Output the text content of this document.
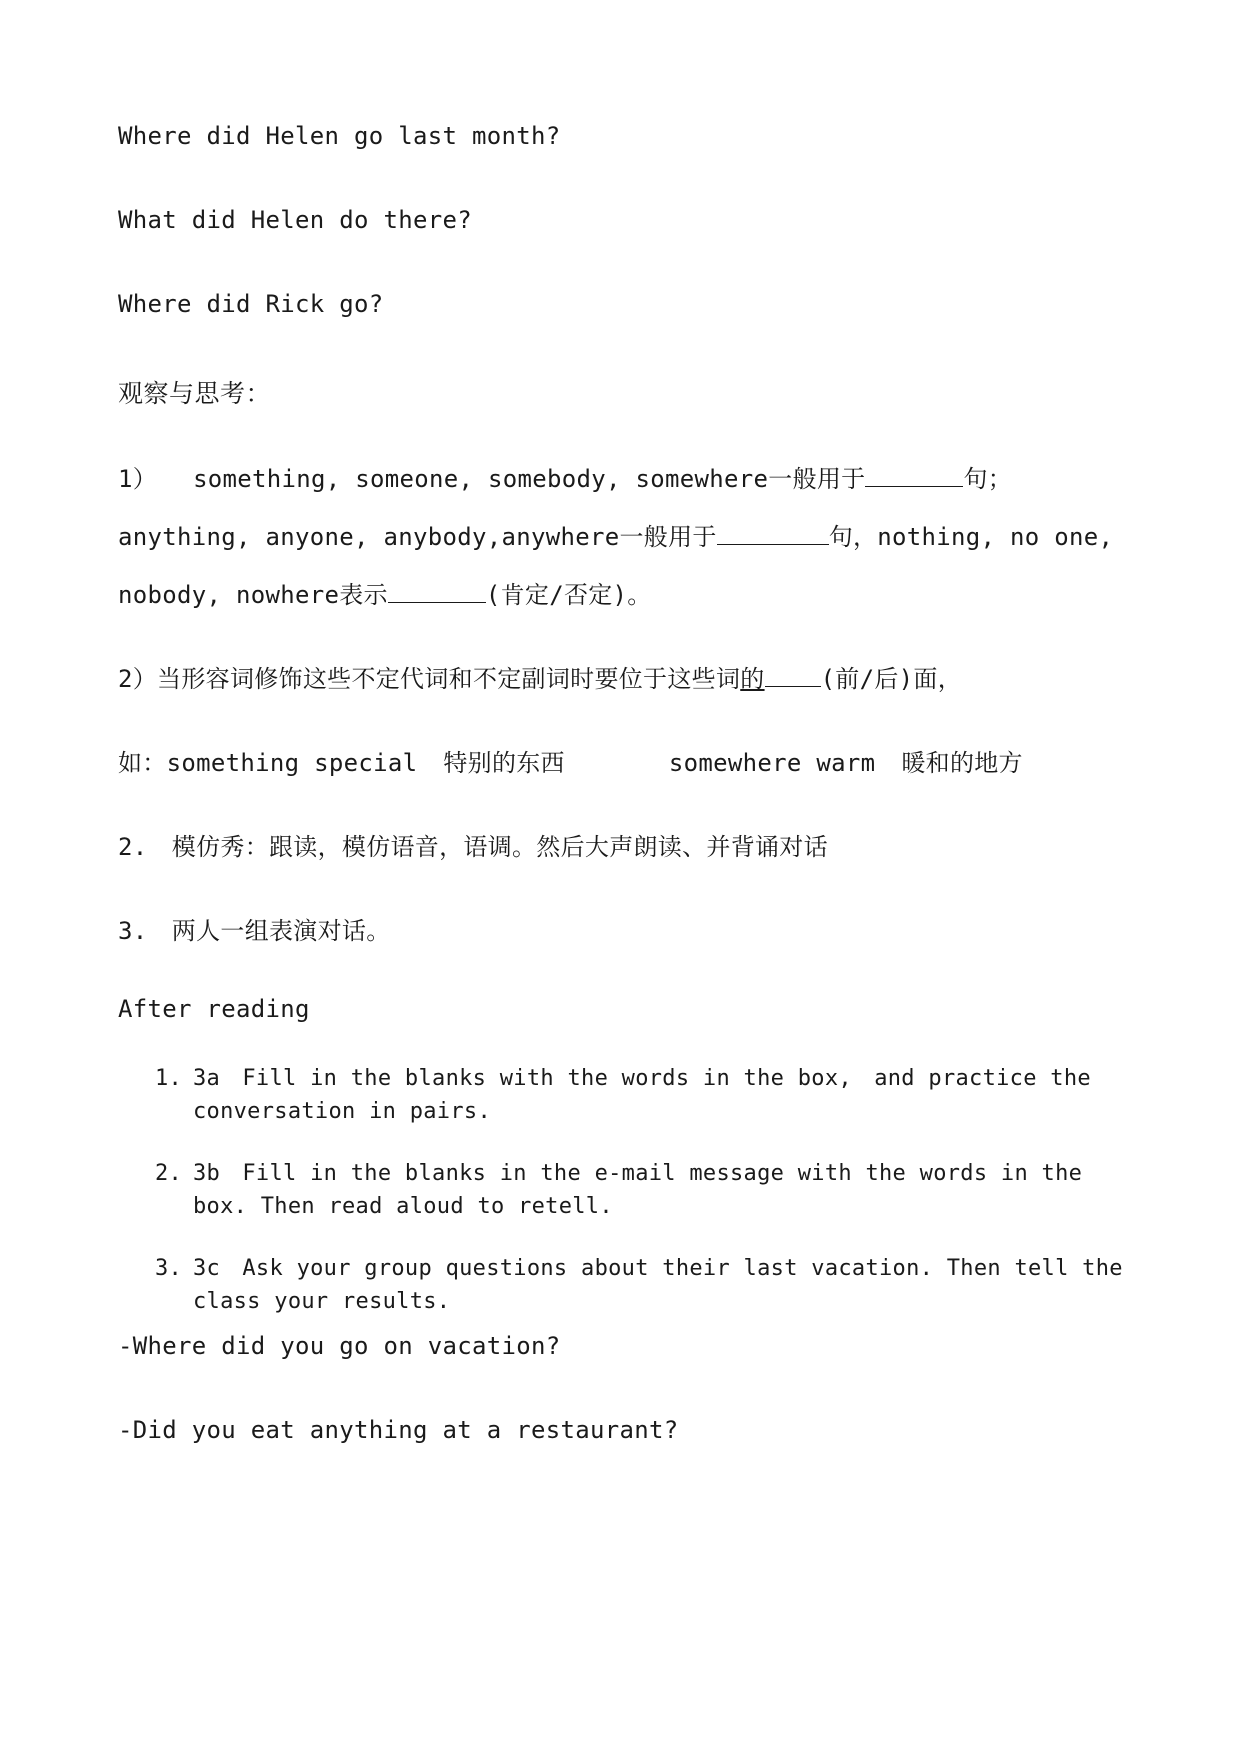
Where did Helen go last month?
What did Helen do there?
Where did Rick go?
观察与思考：
1） something, someone, somebody, somewhere一般用于	句；
anything, anyone, anybody,anywhere一般用于	句，nothing, no one,
nobody, nowhere表示	(肯定/否定)。
2）当形容词修饰这些不定代词和不定副词时要位于这些词的 (前/后)面，
如：something special 特别的东西	somewhere warm 暖和的地方
2.　模仿秀：跟读，模仿语音，语调。然后大声朗读、并背诵对话
3.　两人一组表演对话。
After reading
1. 3a　Fill in the blanks with the words in the box,　and practice the conversation in pairs.
2. 3b　Fill in the blanks in the e-mail message with the words in the box. Then read aloud to retell.
3. 3c　Ask your group questions about their last vacation. Then tell the class your results.
-Where did you go on vacation?
-Did you eat anything at a restaurant?
